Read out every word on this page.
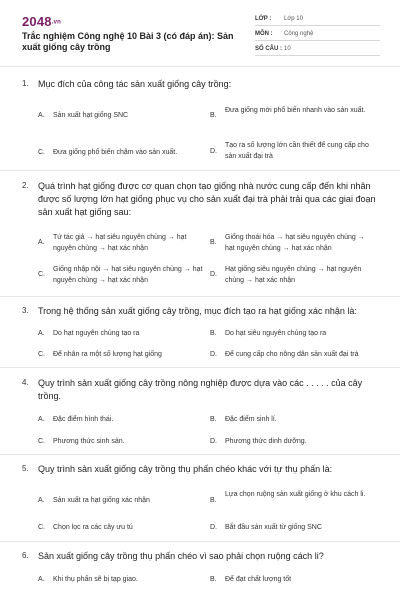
2048.vn
Trắc nghiệm Công nghệ 10 Bài 3 (có đáp án): Sản xuất giống cây trồng
LỚP : Lớp 10
MÔN : Công nghệ
SỐ CÂU : 10
1. Mục đích của công tác sản xuất giống cây trồng:
A. Sản xuất hạt giống SNC	B.
Đưa giống mới phổ biến nhanh vào sản xuất.
C. Đưa giống phổ biến chậm vào sản xuất.	D.
Tạo ra số lượng lớn cần thiết để cung cấp cho sản xuất đại trà
2. Quá trình hạt giống được cơ quan chọn tạo giống nhà nước cung cấp đến khi nhân được số lượng lớn hạt giống phục vụ cho sản xuất đại trà phải trải qua các giai đoạn sản xuất hạt giống sau:
A.
Tứ tác giả → hạt siêu nguyên chủng → hạt nguyên chủng → hạt xác nhận
B.
Giống thoái hóa → hạt siêu nguyên chủng → hạt nguyên chủng → hạt xác nhận
C.
Giống nhập nội → hạt siêu nguyên chủng → hạt nguyên chủng → hạt xác nhận
D.
Hạt giống siêu nguyên chủng → hạt nguyên chủng → hạt xác nhận
3. Trong hệ thống sản xuất giống cây trồng, mục đích tạo ra hạt giống xác nhận là:
A. Do hạt nguyên chủng tạo ra	B. Do hạt siêu nguyên chủng tạo ra
C. Để nhân ra một số lượng hạt giống	D. Để cung cấp cho nông dân sản xuất đại trà
4. Quy trình sản xuất giống cây trồng nông nghiệp được dựa vào các . . . . . của cây trồng.
A. Đặc điểm hình thái.	B. Đặc điểm sinh lí.
C. Phương thức sinh sản.	D. Phương thức dinh dưỡng.
5. Quy trình sản xuất giống cây trồng thụ phấn chéo khác với tự thụ phấn là:
A. Sản xuất ra hạt giống xác nhận	B.
Lựa chọn ruộng sản xuất giống ở khu cách li.
C. Chọn lọc ra các cây ưu tú	D. Bắt đầu sản xuất từ giống SNC
6. Sản xuất giống cây trồng thụ phấn chéo vì sao phải chọn ruộng cách li?
A. Khi thụ phấn sẽ bị tạp giao.	B. Để đạt chất lượng tốt
